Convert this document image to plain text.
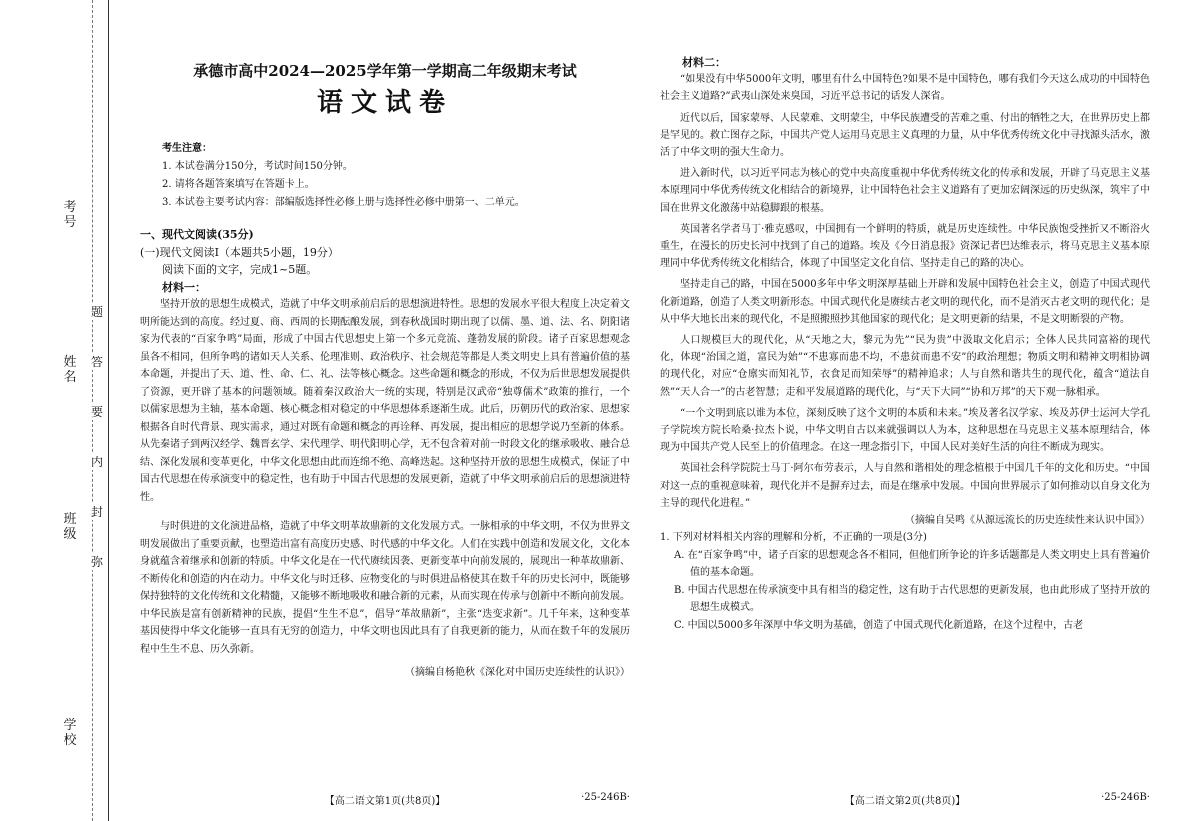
考号
姓名
班级
学校
题
答
要
内
封
弥
承德市高中2024—2025学年第一学期高二年级期末考试
语文试卷
考生注意：
1. 本试卷满分150分，考试时间150分钟。
2. 请将各题答案填写在答题卡上。
3. 本试卷主要考试内容：部编版选择性必修上册与选择性必修中册第一、二单元。
一、现代文阅读(35分)
(一)现代文阅读Ⅰ（本题共5小题，19分）
阅读下面的文字，完成1~5题。
材料一：

坚持开放的思想生成模式，造就了中华文明承前启后的思想演进特性。思想的发展水平很大程度上决定着文明所能达到的高度。经过夏、商、西周的长期酝酿发展，到春秋战国时期出现了以儒、墨、道、法、名、阴阳诸家为代表的“百家争鸣”局面，形成了中国古代思想史上第一个多元竞流、蓬勃发展的阶段。诸子百家思想观念虽各不相同，但所争鸣的诸如天人关系、伦理准则、政治秩序、社会规范等都是人类文明史上具有普遍价值的基本命题，并提出了天、道、性、命、仁、礼、法等核心概念。这些命题和概念的形成，不仅为后世思想发展提供了资源，更开辟了基本的问题领域。随着秦汉政治大一统的实现，特别是汉武帝“独尊儒术”政策的推行，一个以儒家思想为主轴，基本命题、核心概念相对稳定的中华思想体系逐渐生成。此后，历朝历代的政治家、思想家根据各自时代背景、现实需求，通过对既有命题和概念的再诠释、再发展，提出相应的思想学说乃至新的体系。从先秦诸子到两汉经学、魏晋玄学、宋代理学、明代阳明心学，无不包含着对前一时段文化的继承吸收、融合总结、深化发展和变革更化，中华文化思想由此而连绵不绝、高峰迭起。这种坚持开放的思想生成模式，保证了中国古代思想在传承演变中的稳定性，也有助于中国古代思想的发展更新，造就了中华文明承前启后的思想演进特性。

与时俱进的文化演进品格，造就了中华文明革故鼎新的文化发展方式。一脉相承的中华文明，不仅为世界文明发展做出了重要贡献，也塑造出富有高度历史感、时代感的中华文化。人们在实践中创造和发展文化，文化本身就蕴含着继承和创新的特质。中华文化是在一代代赓续因袭、更新变革中向前发展的，展现出一种革故鼎新、不断传化和创造的内在动力。中华文化与时迁移、应物变化的与时俱进品格使其在数千年的历史长河中，既能够保持独特的文化传统和文化精髓，又能够不断地吸收和融合新的元素，从而实现在传承与创新中不断向前发展。中华民族是富有创新精神的民族，提倡“生生不息”，倡导“革故鼎新”，主张“迭变求新”。几千年来，这种变革基因使得中华文化能够一直具有无穷的创造力，中华文明也因此具有了自我更新的能力，从而在数千年的发展历程中生生不息、历久弥新。

（摘编自杨艳秋《深化对中国历史连续性的认识》）
【高二语文第1页(共8页)】	·25-246B·
材料二：

“如果没有中华5000年文明，哪里有什么中国特色?如果不是中国特色，哪有我们今天这么成功的中国特色社会主义道路?”武夷山深处来臭国，习近平总书记的话发人深省。

近代以后，国家蒙辱、人民蒙难、文明蒙尘，中华民族遭受的苦难之重、付出的牺牲之大，在世界历史上都是罕见的。救亡图存之际，中国共产党人运用马克思主义真理的力量，从中华优秀传统文化中寻找源头活水，激活了中华文明的强大生命力。

进入新时代，以习近平同志为核心的党中央高度重视中华优秀传统文化的传承和发展，开辟了马克思主义基本原理同中华优秀传统文化相结合的新境界，让中国特色社会主义道路有了更加宏阔深远的历史纵深，筑牢了中国在世界文化激荡中站稳脚跟的根基。

英国著名学者马丁·雅克感叹，中国拥有一个鲜明的特质，就是历史连续性。中华民族饱受挫折又不断浴火重生，在漫长的历史长河中找到了自己的道路。埃及《今日消息报》资深记者巴达维表示，将马克思主义基本原理同中华优秀传统文化相结合，体现了中国坚定文化自信、坚持走自己的路的决心。

坚持走自己的路，中国在5000多年中华文明深厚基础上开辟和发展中国特色社会主义，创造了中国式现代化新道路，创造了人类文明新形态。中国式现代化是赓续古老文明的现代化，而不是消灭古老文明的现代化；是从中华大地长出来的现代化，不是照搬照抄其他国家的现代化；是文明更新的结果，不是文明断裂的产物。

人口规模巨大的现代化，从“天地之大，黎元为先”“民为贵”中汲取文化启示；全体人民共同富裕的现代化，体现“治国之道，富民为始”“不患寡而患不均，不患贫而患不安”的政治理想；物质文明和精神文明相协调的现代化，对应“仓廪实而知礼节，衣食足而知荣辱”的精神追求；人与自然和谐共生的现代化，蕴含“道法自然”“天人合一”的古老智慧；走和平发展道路的现代化，与“天下大同”“协和万邦”的天下观一脉相承。

“一个文明到底以谁为本位，深刻反映了这个文明的本质和未来。”埃及著名汉学家、埃及苏伊士运河大学孔子学院埃方院长哈桑·拉杰卜说，中华文明自古以来就强调以人为本，这种思想在马克思主义基本原理结合，体现为中国共产党人民至上的价值理念。在这一理念指引下，中国人民对美好生活的向往不断成为现实。

英国社会科学院院士马丁·阿尔布劳表示，人与自然和谐相处的理念植根于中国几千年的文化和历史。“中国对这一点的重视意味着，现代化并不是摒弃过去，而是在继承中发展。中国向世界展示了如何推动以自身文化为主导的现代化进程。”

（摘编自吴鸣《从源远流长的历史连续性来认识中国》）
1. 下列对材料相关内容的理解和分析，不正确的一项是(3分)
A. 在“百家争鸣”中，诸子百家的思想观念各不相同，但他们所争论的许多话题都是人类文明史上具有普遍价值的基本命题。
B. 中国古代思想在传承演变中具有相当的稳定性，这有助于古代思想的更新发展，也由此形成了坚持开放的思想生成模式。
C. 中国以5000多年深厚中华文明为基础，创造了中国式现代化新道路，在这个过程中，古老
【高二语文第2页(共8页)】	·25-246B·
